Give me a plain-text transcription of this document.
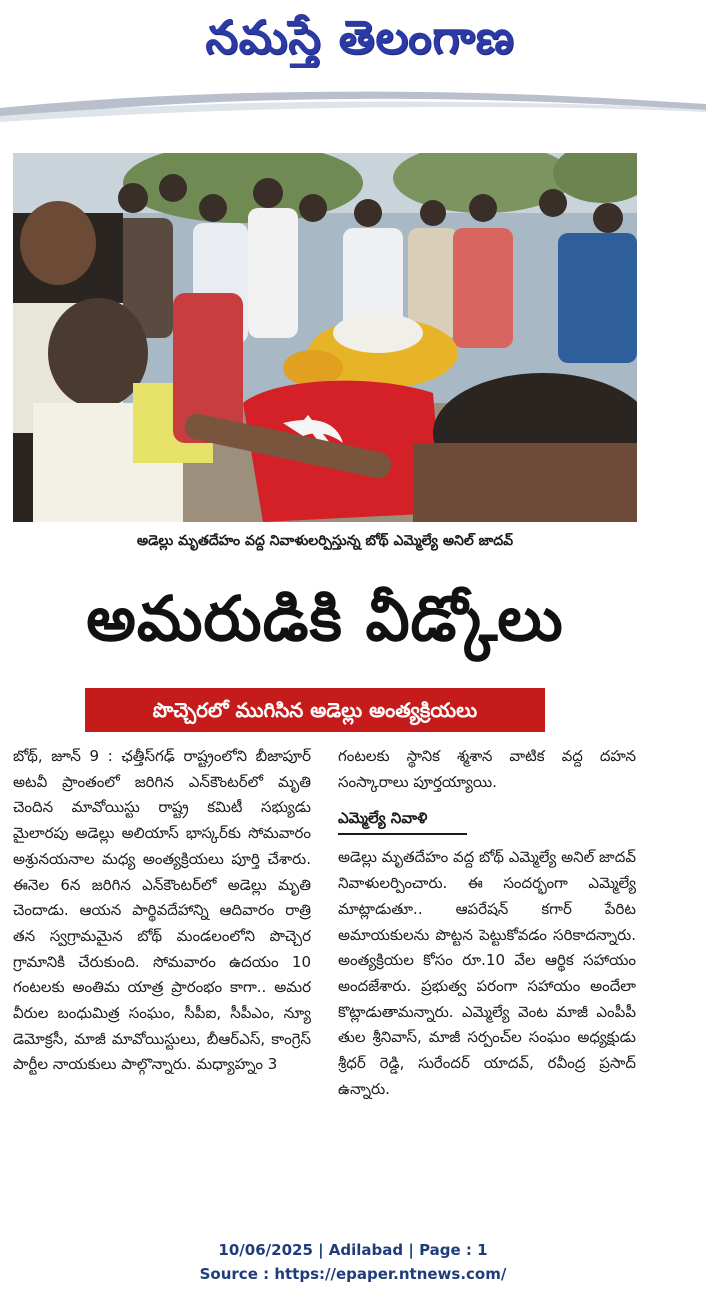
నమస్తే తెలంగాణ
అడెల్లు మృతదేహం వద్ద నివాళులర్పిస్తున్న బోథ్ ఎమ్మెల్యే అనిల్ జాదవ్
అమరుడికి వీడ్కోలు
పొచ్చెరలో ముగిసిన అడెల్లు అంత్యక్రియలు

బోథ్, జూన్ 9 : ఛత్తీస్‌గఢ్ రాష్ట్రంలోని బీజాపూర్ అటవీ ప్రాంతంలో జరిగిన ఎన్‌కౌంటర్‌లో మృతి చెందిన మావోయిస్టు రాష్ట్ర కమిటీ సభ్యుడు మైలారపు అడెల్లు అలియాస్ భాస్కర్‌కు సోమవారం అశ్రునయనాల మధ్య అంత్యక్రియలు పూర్తి చేశారు. ఈనెల 6న జరిగిన ఎన్‌కౌంటర్‌లో అడెల్లు మృతి చెందాడు. ఆయన పార్థివదేహాన్ని ఆదివారం రాత్రి తన స్వగ్రామమైన బోథ్ మండలంలోని పొచ్చెర గ్రామానికి చేరుకుంది. సోమవారం ఉదయం 10 గంటలకు అంతిమ యాత్ర ప్రారంభం కాగా.. అమర వీరుల బంధుమిత్ర సంఘం, సీపీఐ, సీపీఎం, న్యూ డెమోక్రసీ, మాజీ మావోయిస్టులు, బీఆర్‌ఎస్, కాంగ్రెస్ పార్టీల నాయకులు పాల్గొన్నారు. మధ్యాహ్నం 3

గంటలకు స్థానిక శ్మశాన వాటిక వద్ద దహన సంస్కారాలు పూర్తయ్యాయి.

ఎమ్మెల్యే నివాళి

అడెల్లు మృతదేహం వద్ద బోథ్ ఎమ్మెల్యే అనిల్ జాదవ్ నివాళులర్పించారు. ఈ సందర్భంగా ఎమ్మెల్యే మాట్లాడుతూ.. ఆపరేషన్ కగార్ పేరిట అమాయకులను పొట్టన పెట్టుకోవడం సరికాదన్నారు. అంత్యక్రియల కోసం రూ.10 వేల ఆర్థిక సహాయం అందజేశారు. ప్రభుత్వ పరంగా సహాయం అందేలా కొట్లాడుతామన్నారు. ఎమ్మెల్యే వెంట మాజీ ఎంపీపీ తుల శ్రీనివాస్, మాజీ సర్పంచ్‌ల సంఘం అధ్యక్షుడు శ్రీధర్ రెడ్డి, సురేందర్ యాదవ్, రవీంద్ర ప్రసాద్ ఉన్నారు.

10/06/2025 | Adilabad | Page : 1
Source : https://epaper.ntnews.com/
